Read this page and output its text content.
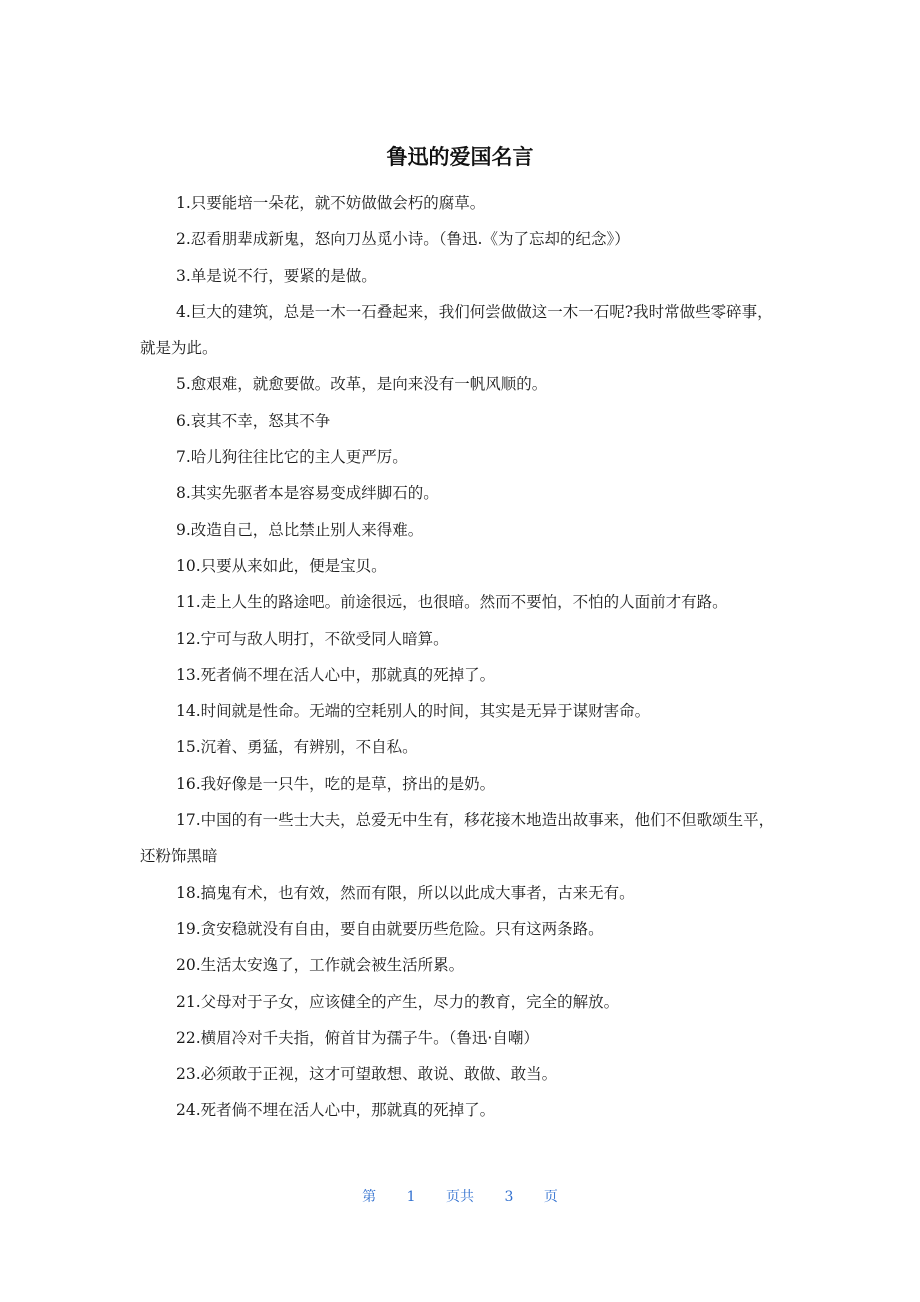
鲁迅的爱国名言

1.只要能培一朵花，就不妨做做会朽的腐草。

2.忍看朋辈成新鬼，怒向刀丛觅小诗。（鲁迅.《为了忘却的纪念》）

3.单是说不行，要紧的是做。

4.巨大的建筑，总是一木一石叠起来，我们何尝做做这一木一石呢?我时常做些零碎事，就是为此。

5.愈艰难，就愈要做。改革，是向来没有一帆风顺的。

6.哀其不幸，怒其不争

7.哈儿狗往往比它的主人更严厉。

8.其实先驱者本是容易变成绊脚石的。

9.改造自己，总比禁止别人来得难。

10.只要从来如此，便是宝贝。

11.走上人生的路途吧。前途很远，也很暗。然而不要怕，不怕的人面前才有路。

12.宁可与敌人明打，不欲受同人暗算。

13.死者倘不埋在活人心中，那就真的死掉了。

14.时间就是性命。无端的空耗别人的时间，其实是无异于谋财害命。

15.沉着、勇猛，有辨别，不自私。

16.我好像是一只牛，吃的是草，挤出的是奶。

17.中国的有一些士大夫，总爱无中生有，移花接木地造出故事来，他们不但歌颂生平，还粉饰黑暗

18.搞鬼有术，也有效，然而有限，所以以此成大事者，古来无有。

19.贪安稳就没有自由，要自由就要历些危险。只有这两条路。

20.生活太安逸了，工作就会被生活所累。

21.父母对于子女，应该健全的产生，尽力的教育，完全的解放。

22.横眉冷对千夫指，俯首甘为孺子牛。（鲁迅·自嘲）

23.必须敢于正视，这才可望敢想、敢说、敢做、敢当。

24.死者倘不埋在活人心中，那就真的死掉了。

第 1 页共 3 页
